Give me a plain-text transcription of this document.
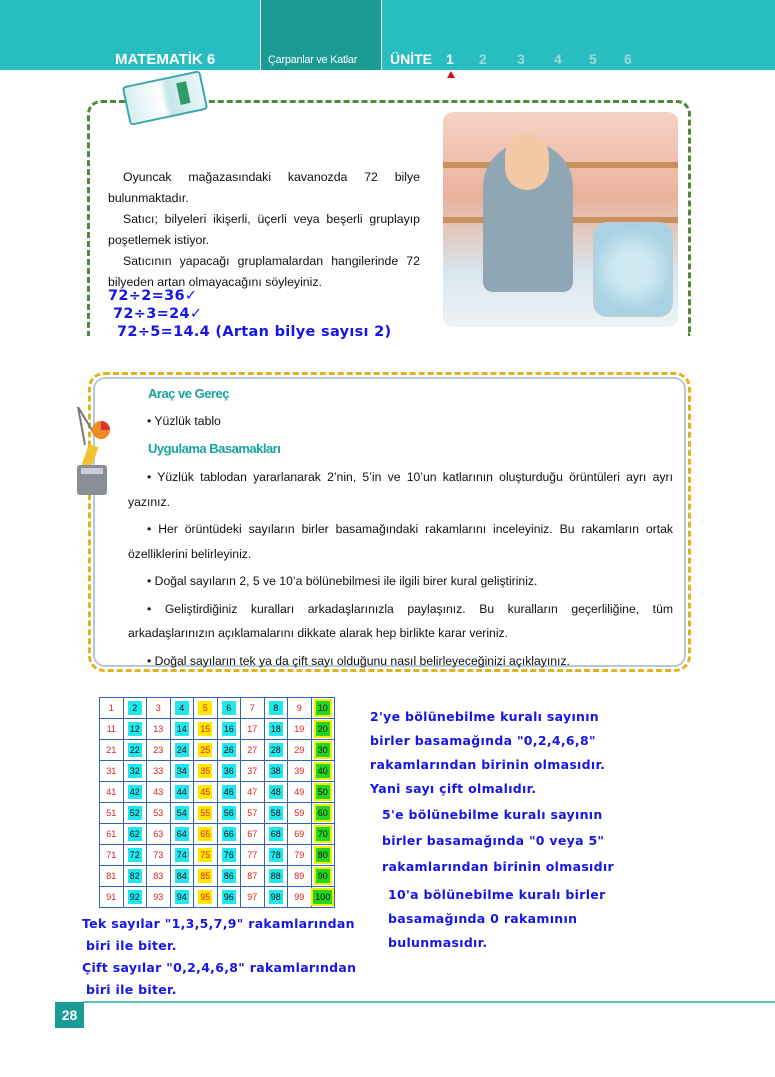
MATEMATİK 6	Çarpanlar ve Katlar ÜNİTE 1 2 3 4 5 6

Oyuncak mağazasındaki kavanozda 72 bilye bulunmaktadır.

Satıcı; bilyeleri ikişerli, üçerli veya beşerli gruplayıp poşetlemek istiyor.

Satıcının yapacağı gruplamalardan hangilerinde 72 bilyeden artan olmayacağını söyleyiniz.

72÷2=36✓
72÷3=24✓
72÷5=14.4 (Artan bilye sayısı 2)
Araç ve Gereç
• Yüzlük tablo
Uygulama Basamakları

• Yüzlük tablodan yararlanarak 2’nin, 5’in ve 10’un katlarının oluşturduğu örüntüleri ayrı ayrı yazınız.

• Her örüntüdeki sayıların birler basamağındaki rakamlarını inceleyiniz. Bu rakamların ortak özelliklerini belirleyiniz.

• Doğal sayıların 2, 5 ve 10’a bölünebilmesi ile ilgili birer kural geliştiriniz.

• Geliştirdiğiniz kuralları arkadaşlarınızla paylaşınız. Bu kuralların geçerliliğine, tüm arkadaşlarınızın açıklamalarını dikkate alarak hep birlikte karar veriniz.

• Doğal sayıların tek ya da çift sayı olduğunu nasıl belirleyeceğinizi açıklayınız.

1	2	3	4	5	6	7	8	9	10
11	12	13	14	15	16	17	18	19	20
21	22	23	24	25	26	27	28	29	30
31	32	33	34	35	36	37	38	39	40
41	42	43	44	45	46	47	48	49	50
51	52	53	54	55	56	57	58	59	60
61	62	63	64	65	66	67	68	69	70
71	72	73	74	75	76	77	78	79	80
81	82	83	84	85	86	87	88	89	90
91	92	93	94	95	96	97	98	99	100
2'ye bölünebilme kuralı sayının
birler basamağında "0,2,4,6,8"
rakamlarından birinin olmasıdır.
Yani sayı çift olmalıdır.
5'e bölünebilme kuralı sayının
birler basamağında "0 veya 5"
rakamlarından birinin olmasıdır
10'a bölünebilme kuralı birler
basamağında 0 rakamının
bulunmasıdır.
Tek sayılar "1,3,5,7,9" rakamlarından
biri ile biter.
Çift sayılar "0,2,4,6,8" rakamlarından
biri ile biter.
28
